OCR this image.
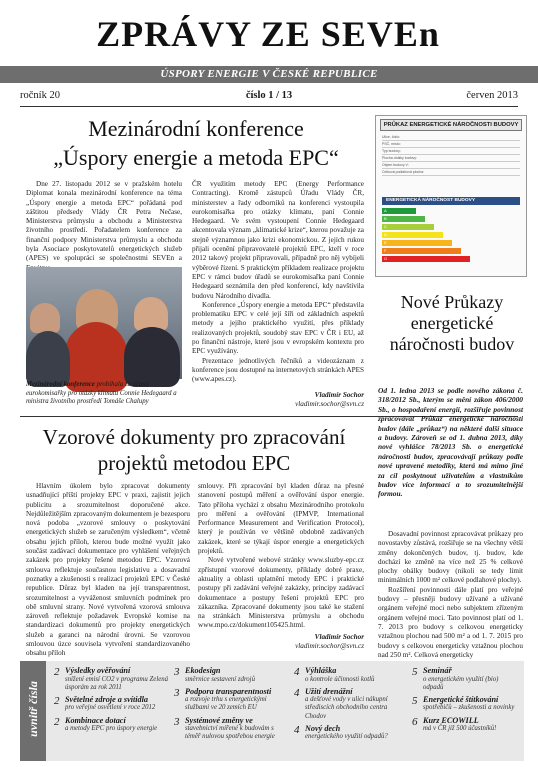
ZPRÁVY ZE SEVEn
ÚSPORY ENERGIE V ČESKÉ REPUBLICE
ročník 20	číslo 1 / 13	červen 2013
Mezinárodní konference
„Úspory energie a metoda EPC“

Dne 27. listopadu 2012 se v pražském hotelu Diplomat konala mezinárodní konference na téma „Úspory energie a metoda EPC“ pořádaná pod záštitou předsedy Vlády ČR Petra Nečase, Ministerstva průmyslu a obchodu a Ministerstva životního prostředí. Pořadatelem konference za finanční podpory Ministerstva průmyslu a obchodu byla Asociace poskytovatelů energetických služeb (APES) ve spolupráci se společnostmi SEVEn a

Mezinárodní konference probíhala za účasti eurokomisařky pro otázky klimatu Connie Hedegaard a ministra životního prostředí Tomáše Chalupy

ČR využitím metody EPC (Energy Performance Contracting). Kromě zástupců Úřadu Vlády ČR, ministerstev a řady odborníků na konferenci vystoupila eurokomisařka pro otázky klimatu, paní Connie Hedegaard. Ve svém vystoupení Connie Hedegaard akcentovala význam „klimatické krize“, kterou považuje za stejně významnou jako krizi ekonomickou. Z jejích rukou přijali ocenění připravovatelé projektů EPC, kteří v roce 2012 takový projekt připravovali, případně pro něj vybíjeli výběrové řízení. S praktickým příkladem realizace projektu EPC v rámci budov úřadů se eurokomisařka paní Connie Hedegaard seznámila den před konferencí, kdy navštívila budovu Národního divadla.

Konference „Úspory energie a metoda EPC“ představila problematiku EPC v celé její šíři od základních aspektů metody a jejího praktického využití, přes příklady realizovaných projektů, soudobý stav EPC v ČR i EU, až po finanční nástroje, které jsou v evropském kontextu pro EPC využívány.

Prezentace jednotlivých řečníků a videozáznam z konference jsou dostupné na internetových stránkách APES (www.apes.cz).

Vladimír Sochor
vladimir.sochor@svn.cz
PRŮKAZ ENERGETICKÉ NÁROČNOSTI BUDOVY
Ulice, číslo:
PSČ, místo:
Typ budovy:
Plocha obálky budovy:
Objem budovy V:
Celková podlahová plocha:
ENERGETICKÁ NÁROČNOST BUDOVY
A
B
C
D
E
F
G
Vzorové dokumenty pro zpracování
projektů metodou EPC

Hlavním úkolem bylo zpracovat dokumenty usnadňující příští projekty EPC v praxi, zajistit jejich publicitu a srozumitelnost doporučené akce. Nejdůležitějším zpracovaným dokumentem je bezesporu nová podoba „vzorové smlouvy o poskytování energetických služeb se zaručeným výsledkem“, včetně obsahu jejích příloh, kterou bude možné využít jako součást zadávací dokumentace pro vyhlášení veřejných zakázek pro projekty řešené metodou EPC. Vzorová smlouva reflektuje současnou legislativu a dosavadní poznatky a zkušenosti s realizací projektů EPC v České republice. Důraz byl kladen na její transparentnost, srozumitelnost a vyváženost smluvních podmínek pro obě smluvní strany. Nové vytvořená vzorová smlouva zároveň reflektuje požadavek Evropské komise na standardizaci dokumentů pro projekty energetických služeb a garanci na národní úrovni. Se vzorovou smlouvou úzce souvisela vytvoření standardizovaného obsahu příloh

smlouvy. Při zpracování byl kladen důraz na přesné stanovení postupů měření a ověřování úspor energie. Tato příloha vychází z obsahu Mezinárodního protokolu pro měření a ověřování (IPMVP, International Performance Measurement and Verification Protocol), který je používán ve většině obdobně zadávaných zakázek, které se týkají úspor energie a energetických projektů.

Nové vytvořené webové stránky www.sluzby-epc.cz zpřístupní vzorové dokumenty, příklady dobré praxe, aktuality a oblasti uplatnění metody EPC i praktické postupy při zadávání veřejné zakázky, principy zadávací dokumentace a postupy řešení projektů EPC pro zákazníka. Zpracované dokumenty jsou také ke stažení na stránkách Ministerstva průmyslu a obchodu www.mpo.cz/dokument105425.html.

Vladimír Sochor
vladimir.sochor@svn.cz
Nové Průkazy energetické náročnosti budov

Od 1. ledna 2013 se podle nového zákona č. 318/2012 Sb., kterým se mění zákon 406/2000 Sb., o hospodaření energií, rozšiřuje povinnost zpracovávat Průkaz energetické náročnosti budov (dále „průkaz“) na některé další situace a budovy. Zároveň se od 1. dubna 2013, díky nové vyhlášce 78/2013 Sb. o energetické náročnosti budov, zpracovávají průkazy podle nové upravené metodiky, která má mimo jiné za cíl poskytnout uživatelům a vlastníkům budov více informací a to srozumitelnější formou.

Dosavadní povinnost zpracovávat průkazy pro novostavby zůstává, rozšiřuje se na všechny větší změny dokončených budov, tj. budov, kde dochází ke změně na více než 25 % celkové plochy obálky budovy (nikoli se tedy limit minimálních 1000 m² celkové podlahové plochy).

Rozšíření povinnosti dále platí pro veřejné budovy – přesněji budovy užívané a užívané orgánem veřejné moci nebo subjektem zřízeným orgánem veřejné moci. Tato povinnost platí od 1. 7. 2013 pro budovy s celkovou energeticky vztažnou plochou nad 500 m² a od 1. 7. 2015 pro budovy s celkovou energeticky vztažnou plochou nad 250 m². Celková energeticky

uvnitř čísla
2 Výsledky ověřování
snížení emisí CO2 v programu Zelená úsporám za rok 2011
2 Světelné zdroje a svítidla
pro veřejné osvětlení v roce 2012
2 Kombinace dotací
a metody EPC pro úspory energie
3 Ekodesign
směrnice sestavení zdrojů
3 Podpora transparentnosti
a rozvoje trhu s energetickými službami ve 20 zemích EU
3 Systémové změny ve
stavebnictví mířené k budovám s téměř nulovou spotřebou energie
4 Výhláška
o kontrole účinnosti kotlů
4 Užití drenážní
a dešťové vody v ulici nákupní střediscích obchodního centra Chodov
4 Nový dech
energetického využití odpadů?
5 Seminář
o energetickém využití (bio) odpadů
5 Energetické štítkování
spotřebičů – zkušenosti a novinky
6 Kurz ECOWILL
má v ČR již 500 účastníků!
